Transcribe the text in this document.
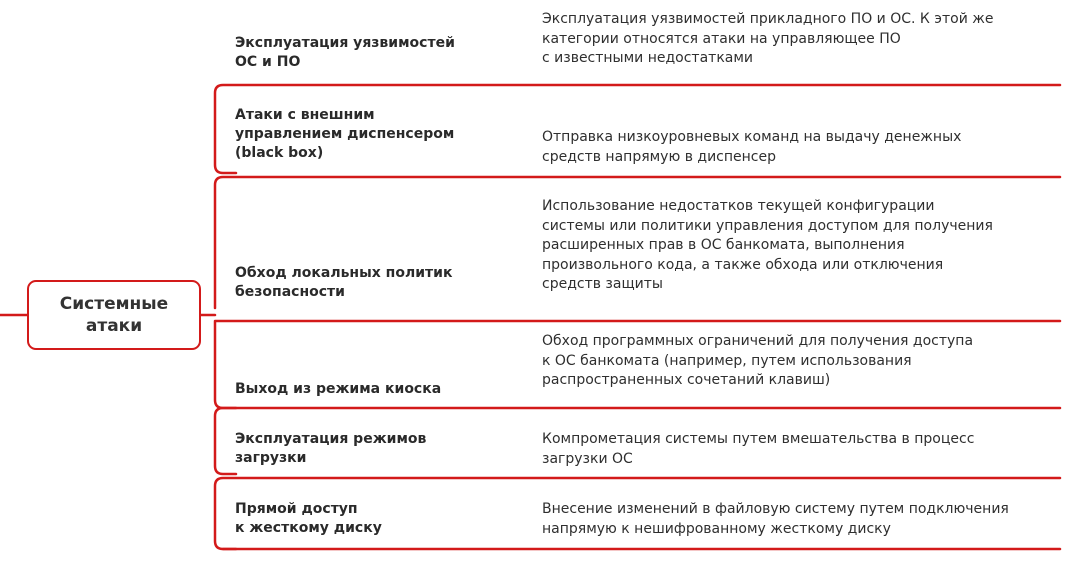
Системные
атаки
Эксплуатация уязвимостей
ОС и ПО
Эксплуатация уязвимостей прикладного ПО и ОС. К этой же
категории относятся атаки на управляющее ПО
с известными недостатками
Атаки с внешним
управлением диспенсером
(black box)
Отправка низкоуровневых команд на выдачу денежных
средств напрямую в диспенсер
Обход локальных политик
безопасности
Использование недостатков текущей конфигурации
системы или политики управления доступом для получения
расширенных прав в ОС банкомата, выполнения
произвольного кода, а также обхода или отключения
средств защиты
Выход из режима киоска
Обход программных ограничений для получения доступа
к ОС банкомата (например, путем использования
распространенных сочетаний клавиш)
Эксплуатация режимов
загрузки
Компрометация системы путем вмешательства в процесс
загрузки ОС
Прямой доступ
к жесткому диску
Внесение изменений в файловую систему путем подключения
напрямую к нешифрованному жесткому диску
